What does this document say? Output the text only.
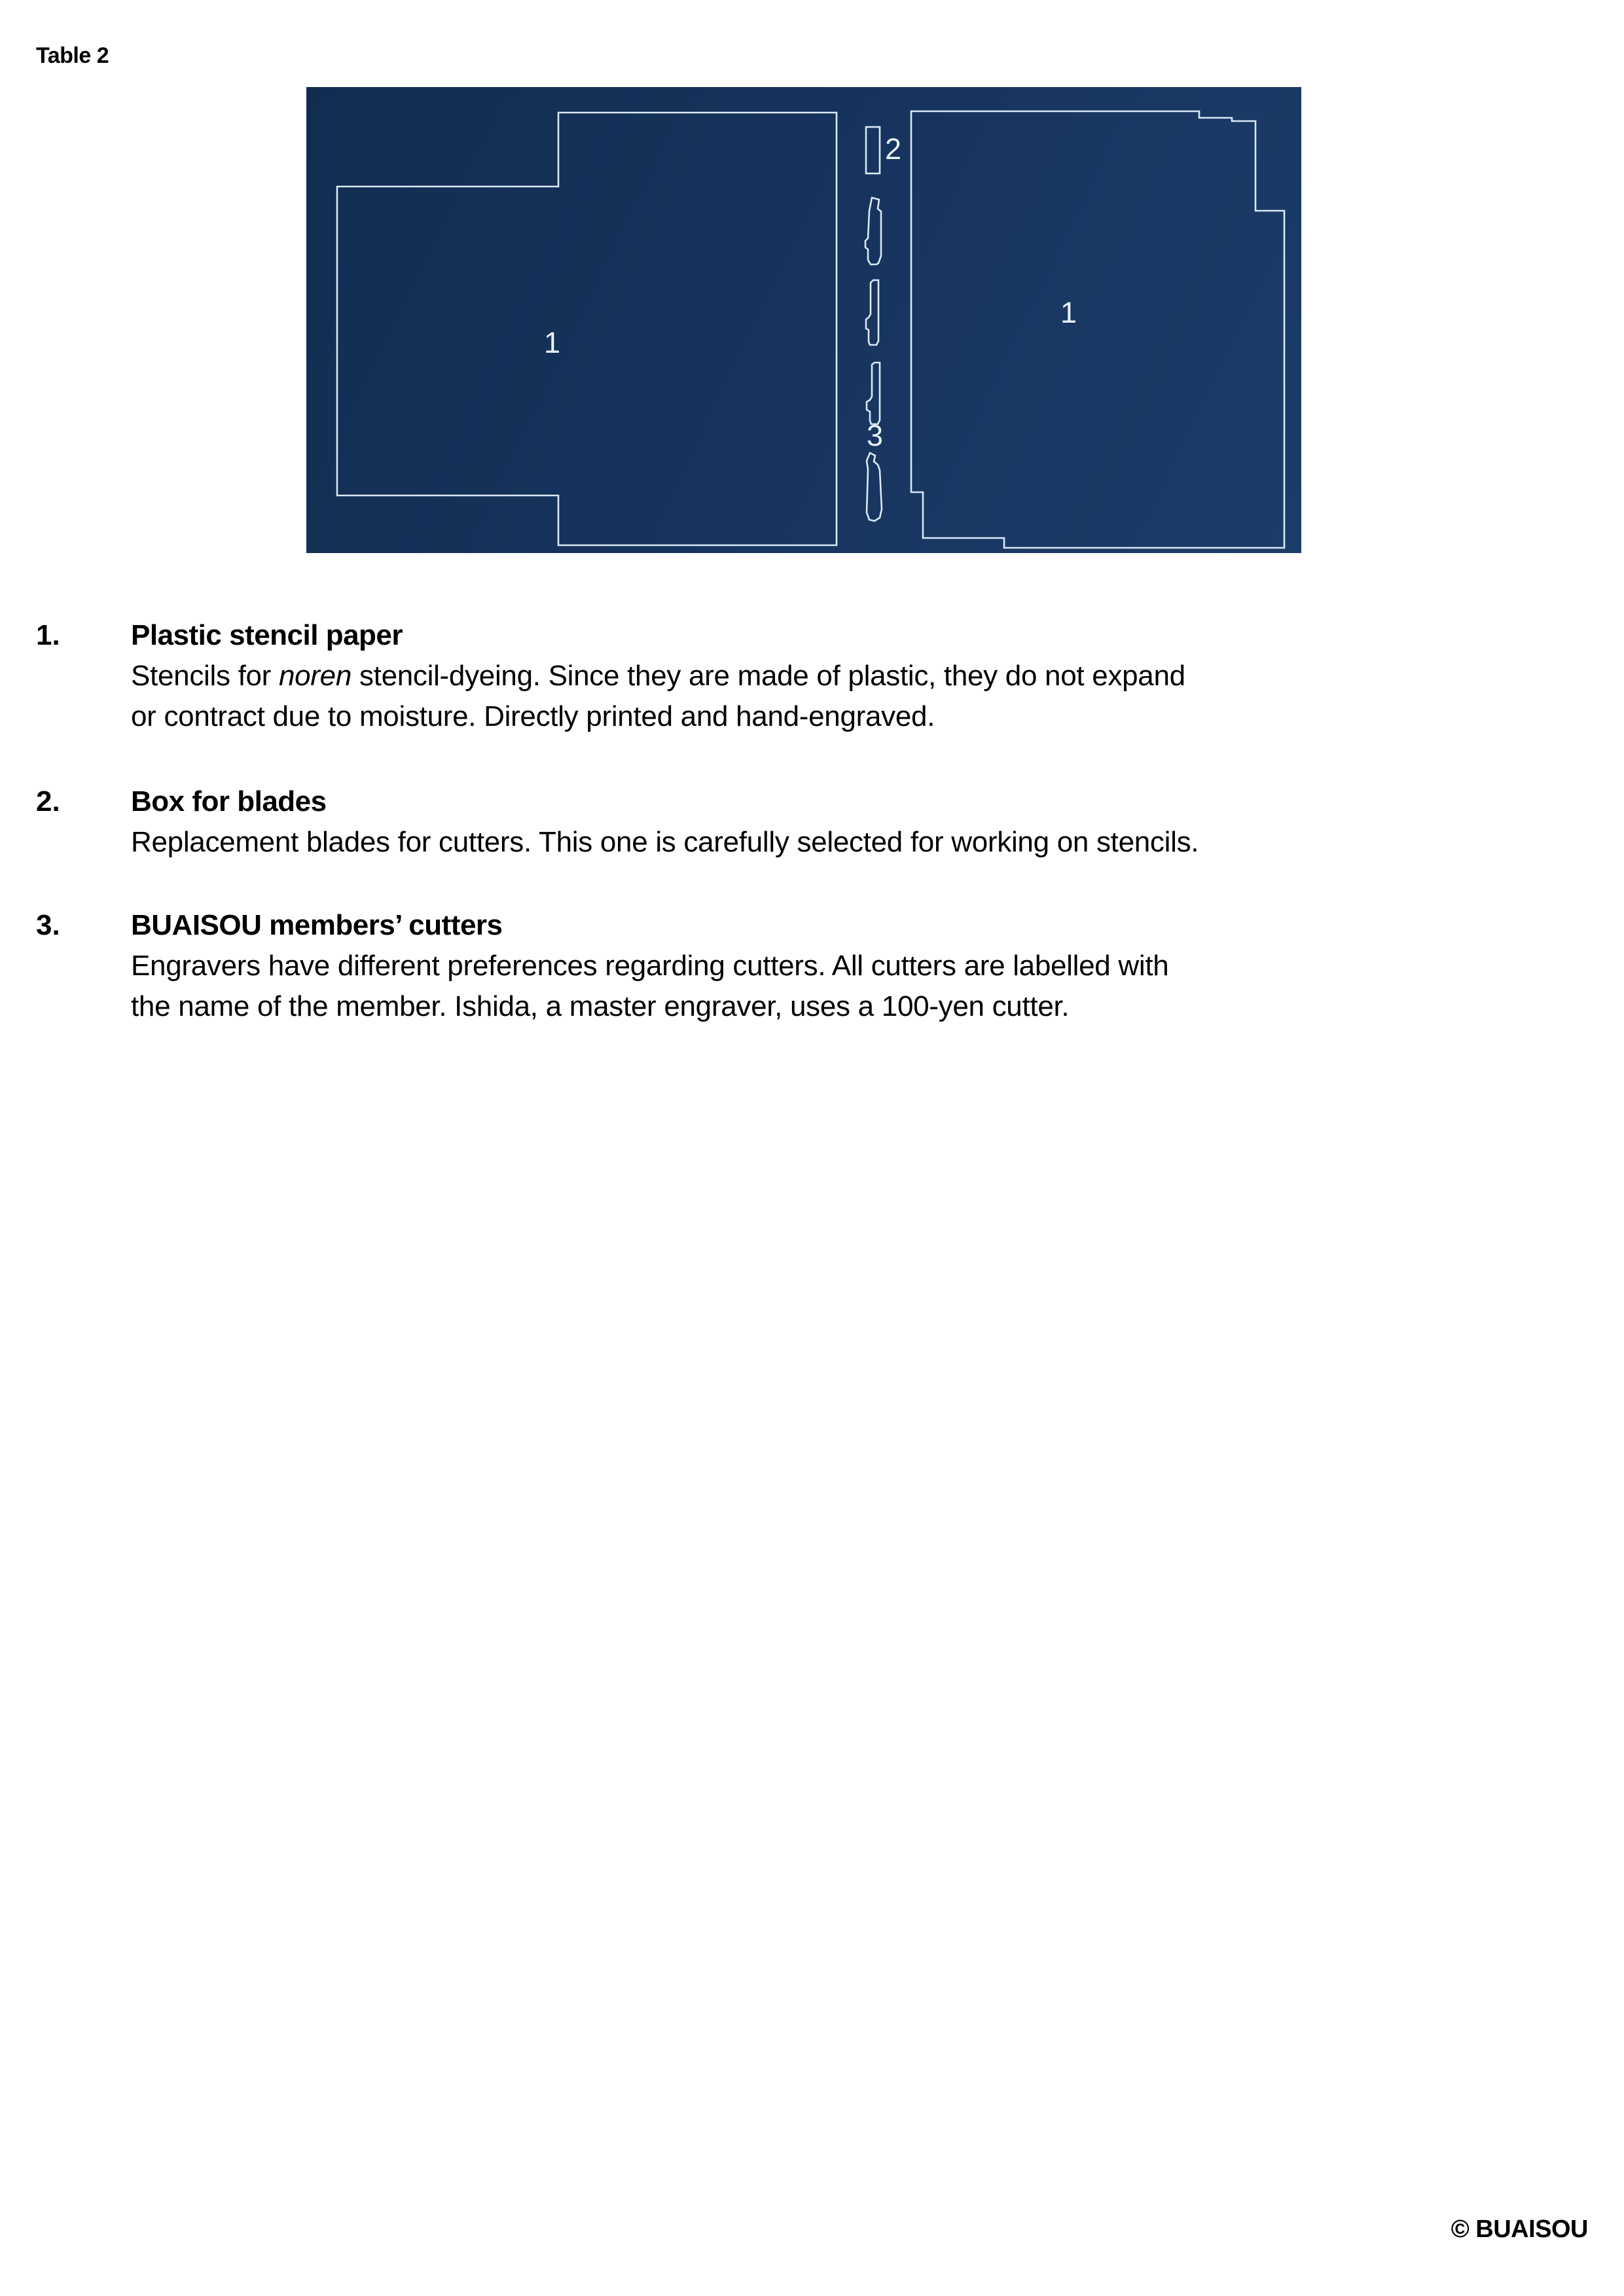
Table 2
1
2
3
1
1. Plastic stencil paper
Stencils for noren stencil-dyeing. Since they are made of plastic, they do not expand
or contract due to moisture. Directly printed and hand-engraved.
2. Box for blades
Replacement blades for cutters. This one is carefully selected for working on stencils.
3. BUAISOU members’ cutters
Engravers have different preferences regarding cutters. All cutters are labelled with
the name of the member. Ishida, a master engraver, uses a 100-yen cutter.
© BUAISOU
